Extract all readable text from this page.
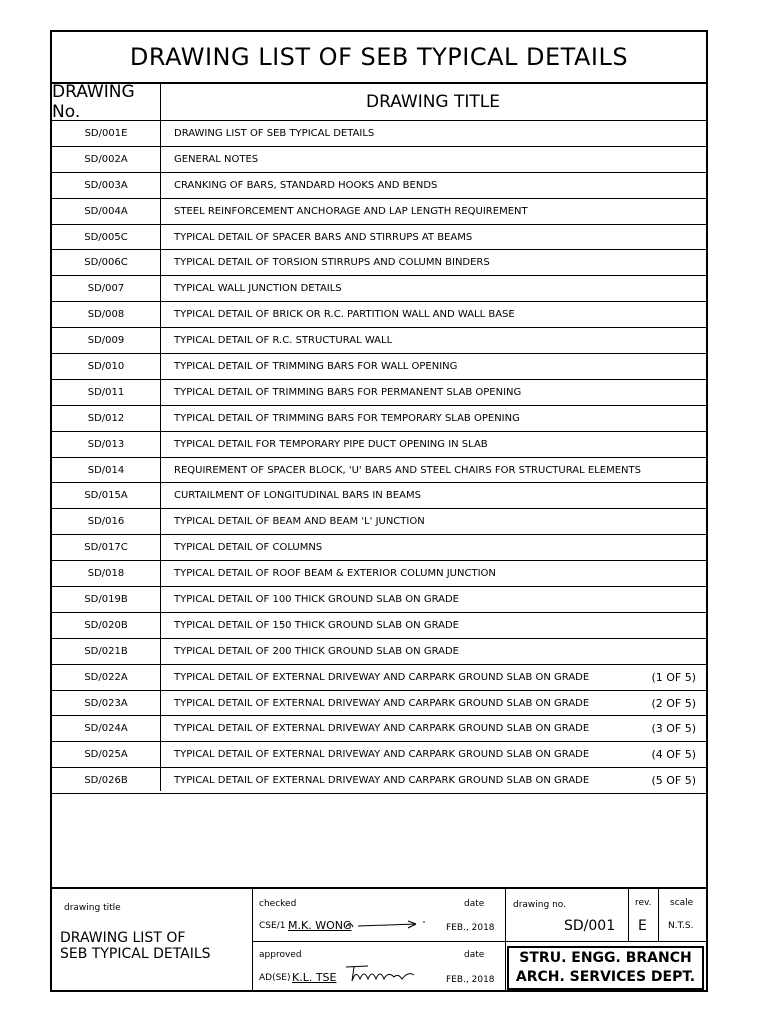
DRAWING LIST OF SEB TYPICAL DETAILS
DRAWING No.	DRAWING TITLE
SD/001E	DRAWING LIST OF SEB TYPICAL DETAILS
SD/002A	GENERAL NOTES
SD/003A	CRANKING OF BARS, STANDARD HOOKS AND BENDS
SD/004A	STEEL REINFORCEMENT ANCHORAGE AND LAP LENGTH REQUIREMENT
SD/005C	TYPICAL DETAIL OF SPACER BARS AND STIRRUPS AT BEAMS
SD/006C	TYPICAL DETAIL OF TORSION STIRRUPS AND COLUMN BINDERS
SD/007	TYPICAL WALL JUNCTION DETAILS
SD/008	TYPICAL DETAIL OF BRICK OR R.C. PARTITION WALL AND WALL BASE
SD/009	TYPICAL DETAIL OF R.C. STRUCTURAL WALL
SD/010	TYPICAL DETAIL OF TRIMMING BARS FOR WALL OPENING
SD/011	TYPICAL DETAIL OF TRIMMING BARS FOR PERMANENT SLAB OPENING
SD/012	TYPICAL DETAIL OF TRIMMING BARS FOR TEMPORARY SLAB OPENING
SD/013	TYPICAL DETAIL FOR TEMPORARY PIPE DUCT OPENING IN SLAB
SD/014	REQUIREMENT OF SPACER BLOCK, 'U' BARS AND STEEL CHAIRS FOR STRUCTURAL ELEMENTS
SD/015A	CURTAILMENT OF LONGITUDINAL BARS IN BEAMS
SD/016	TYPICAL DETAIL OF BEAM AND BEAM 'L' JUNCTION
SD/017C	TYPICAL DETAIL OF COLUMNS
SD/018	TYPICAL DETAIL OF ROOF BEAM & EXTERIOR COLUMN JUNCTION
SD/019B	TYPICAL DETAIL OF 100 THICK GROUND SLAB ON GRADE
SD/020B	TYPICAL DETAIL OF 150 THICK GROUND SLAB ON GRADE
SD/021B	TYPICAL DETAIL OF 200 THICK GROUND SLAB ON GRADE
SD/022A	TYPICAL DETAIL OF EXTERNAL DRIVEWAY AND CARPARK GROUND SLAB ON GRADE	(1 OF 5)
SD/023A	TYPICAL DETAIL OF EXTERNAL DRIVEWAY AND CARPARK GROUND SLAB ON GRADE	(2 OF 5)
SD/024A	TYPICAL DETAIL OF EXTERNAL DRIVEWAY AND CARPARK GROUND SLAB ON GRADE	(3 OF 5)
SD/025A	TYPICAL DETAIL OF EXTERNAL DRIVEWAY AND CARPARK GROUND SLAB ON GRADE	(4 OF 5)
SD/026B	TYPICAL DETAIL OF EXTERNAL DRIVEWAY AND CARPARK GROUND SLAB ON GRADE	(5 OF 5)
drawing title
DRAWING LIST OF
SEB TYPICAL DETAILS
checked	date
CSE/1 M.K. WONG	FEB., 2018
approved	date
AD(SE) K.L. TSE	FEB., 2018
drawing no.
SD/001
rev.
E
scale
N.T.S.
STRU. ENGG. BRANCH
ARCH. SERVICES DEPT.
